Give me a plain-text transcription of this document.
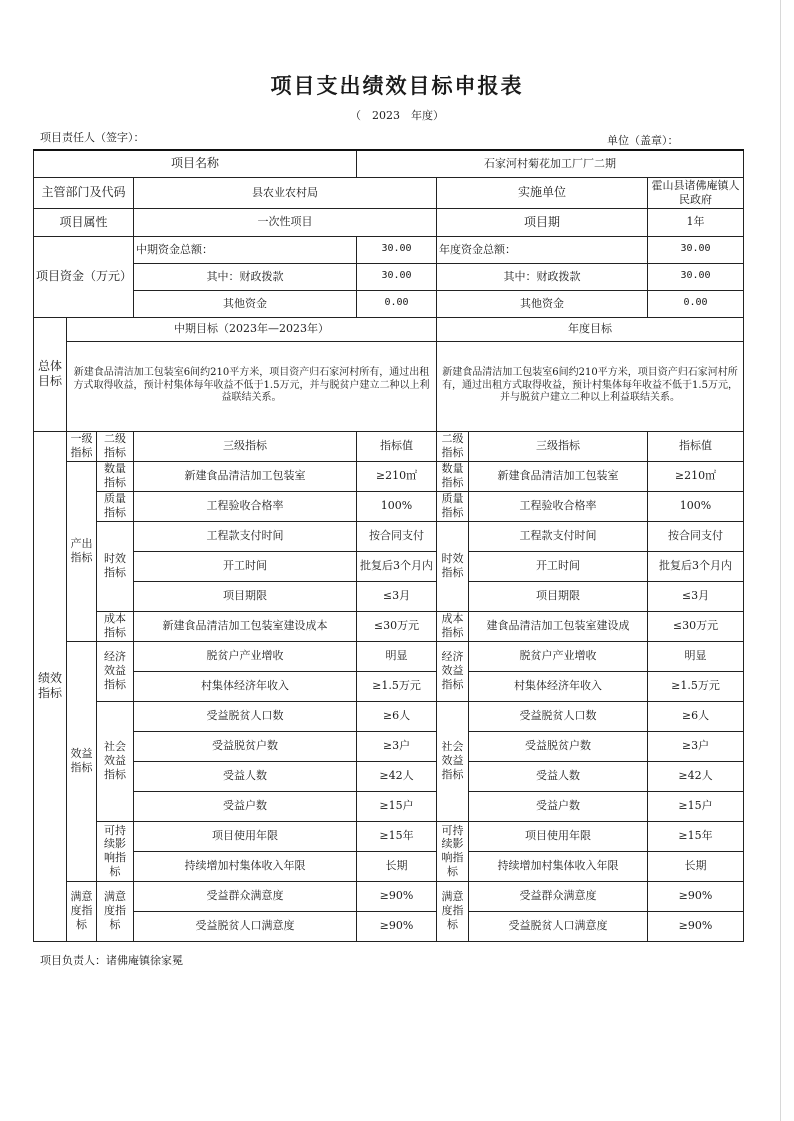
项目支出绩效目标申报表
（　2023　年度）
项目责任人（签字）：	单位（盖章）：
项目名称				石家河村菊花加工厂厂二期			
主管部门及代码			县农业农村局		实施单位		霍山县诸佛庵镇人民政府
项目属性			一次性项目		项目期		1年
项目资金（万元）			中期资金总额：	30.00	年度资金总额：		30.00
			其中：财政拨款	30.00	其中：财政拨款		30.00
			其他资金	0.00	其他资金		0.00
总体目标	中期目标（2023年—2023年）				年度目标		
	新建食品清洁加工包装室6间约210平方米，项目资产归石家河村所有，通过出租方式取得收益，预计村集体每年收益不低于1.5万元，并与脱贫户建立二种以上利益联结关系。				新建食品清洁加工包装室6间约210平方米，项目资产归石家河村所有，通过出租方式取得收益，预计村集体每年收益不低于1.5万元，并与脱贫户建立二种以上利益联结关系。		
绩效指标	一级指标	二级指标	三级指标	指标值	二级指标	三级指标	指标值
	产出指标	数量指标	新建食品清洁加工包装室	≥210㎡	数量指标	新建食品清洁加工包装室	≥210㎡
		质量指标	工程验收合格率	100%	质量指标	工程验收合格率	100%
		时效指标	工程款支付时间	按合同支付	时效指标	工程款支付时间	按合同支付
			开工时间	批复后3个月内		开工时间	批复后3个月内
			项目期限	≤3月		项目期限	≤3月
		成本指标	新建食品清洁加工包装室建设成本	≤30万元	成本指标	建食品清洁加工包装室建设成	≤30万元
	效益指标	经济效益指标	脱贫户产业增收	明显	经济效益指标	脱贫户产业增收	明显
			村集体经济年收入	≥1.5万元		村集体经济年收入	≥1.5万元
		社会效益指标	受益脱贫人口数	≥6人	社会效益指标	受益脱贫人口数	≥6人
			受益脱贫户数	≥3户		受益脱贫户数	≥3户
			受益人数	≥42人		受益人数	≥42人
			受益户数	≥15户		受益户数	≥15户
		可持续影响指标	项目使用年限	≥15年	可持续影响指标	项目使用年限	≥15年
			持续增加村集体收入年限	长期		持续增加村集体收入年限	长期
	满意度指标	满意度指标	受益群众满意度	≥90%	满意度指标	受益群众满意度	≥90%
			受益脱贫人口满意度	≥90%		受益脱贫人口满意度	≥90%
项目负责人：诸佛庵镇徐家冕
